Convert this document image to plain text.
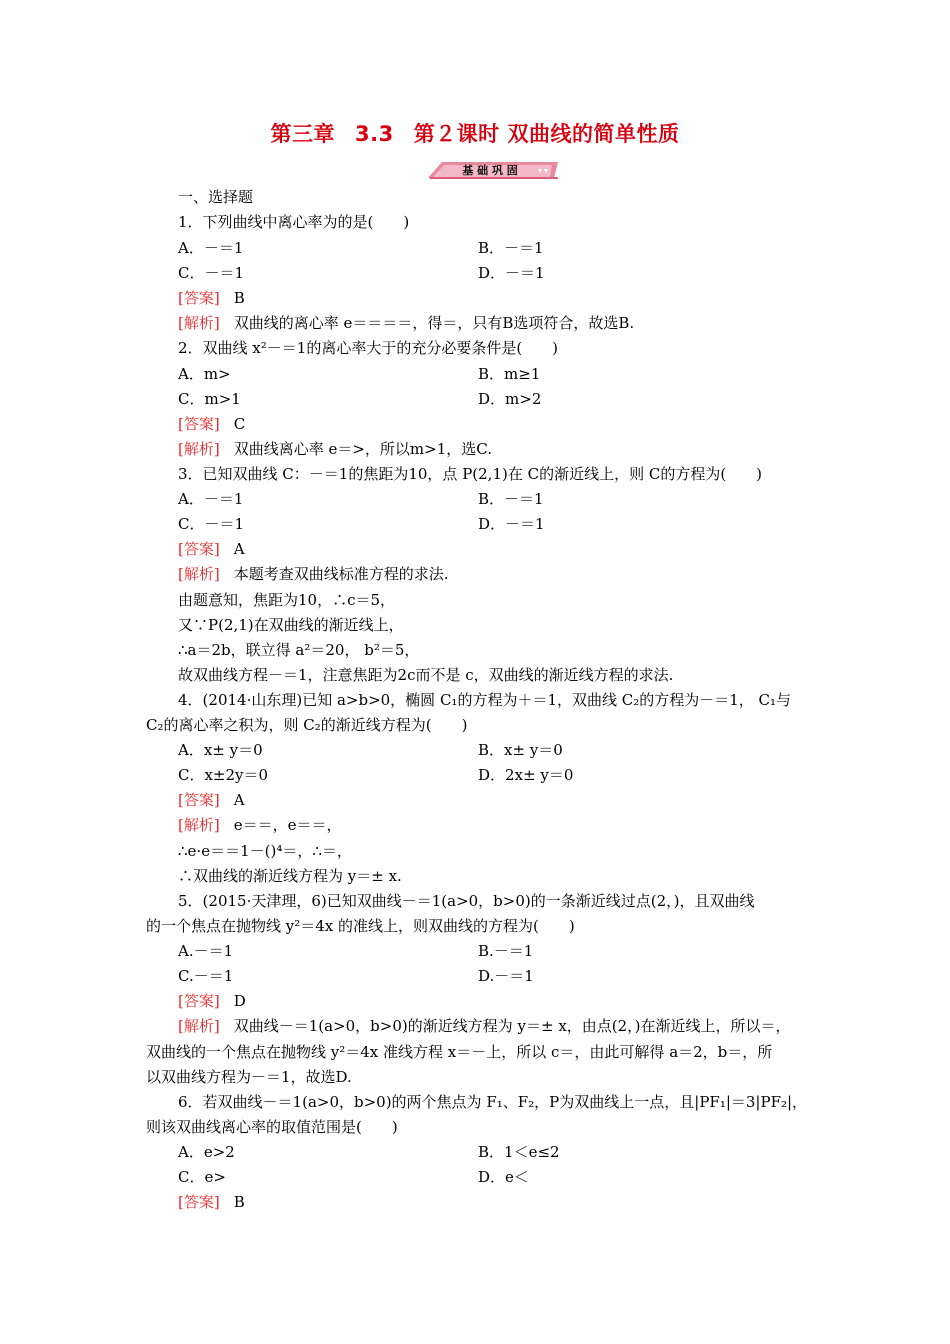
第三章 3.3 第２课时 双曲线的简单性质
基 础 巩 固
一、选择题
1．下列曲线中离心率为的是(　　)
A．－＝1	B．－＝1
C．－＝1	D．－＝1
[答案] B
[解析] 双曲线的离心率 e＝＝＝＝，得＝，只有B选项符合，故选B.
2．双曲线 x²－＝1的离心率大于的充分必要条件是(　　)
A．m>	B．m≥1
C．m>1	D．m>2
[答案] C
[解析] 双曲线离心率 e＝>，所以m>1，选C.
3．已知双曲线 C：－＝1的焦距为10，点 P(2,1)在 C的渐近线上，则 C的方程为(　　)
A．－＝1	B．－＝1
C．－＝1	D．－＝1
[答案] A
[解析] 本题考查双曲线标准方程的求法.
由题意知，焦距为10，∴c＝5，
又∵P(2,1)在双曲线的渐近线上，
∴a＝2b，联立得 a²＝20， b²＝5，
故双曲线方程－＝1，注意焦距为2c而不是 c，双曲线的渐近线方程的求法.
4．(2014·山东理)已知 a>b>0，椭圆 C₁的方程为＋＝1，双曲线 C₂的方程为－＝1， C₁与
C₂的离心率之积为，则 C₂的渐近线方程为(　　)
A．x± y＝0	B．x± y＝0
C．x±2y＝0	D．2x± y＝0
[答案] A
[解析] e＝＝，e＝＝，
∴e·e＝＝1－()⁴＝，∴＝，
∴双曲线的渐近线方程为 y＝± x.
5．(2015·天津理，6)已知双曲线－＝1(a>0，b>0)的一条渐近线过点(2，)，且双曲线
的一个焦点在抛物线 y²＝4x 的准线上，则双曲线的方程为(　　)
A.－＝1	B.－＝1
C.－＝1	D.－＝1
[答案] D
[解析] 双曲线－＝1(a>0，b>0)的渐近线方程为 y＝± x，由点(2，)在渐近线上，所以＝，
双曲线的一个焦点在抛物线 y²＝4x 准线方程 x＝－上，所以 c＝，由此可解得 a＝2，b＝，所
以双曲线方程为－＝1，故选D.
6．若双曲线－＝1(a>0，b>0)的两个焦点为 F₁、F₂，P为双曲线上一点，且|PF₁|＝3|PF₂|，
则该双曲线离心率的取值范围是(　　)
A．e>2	B．1＜e≤2
C．e>	D．e＜
[答案] B
